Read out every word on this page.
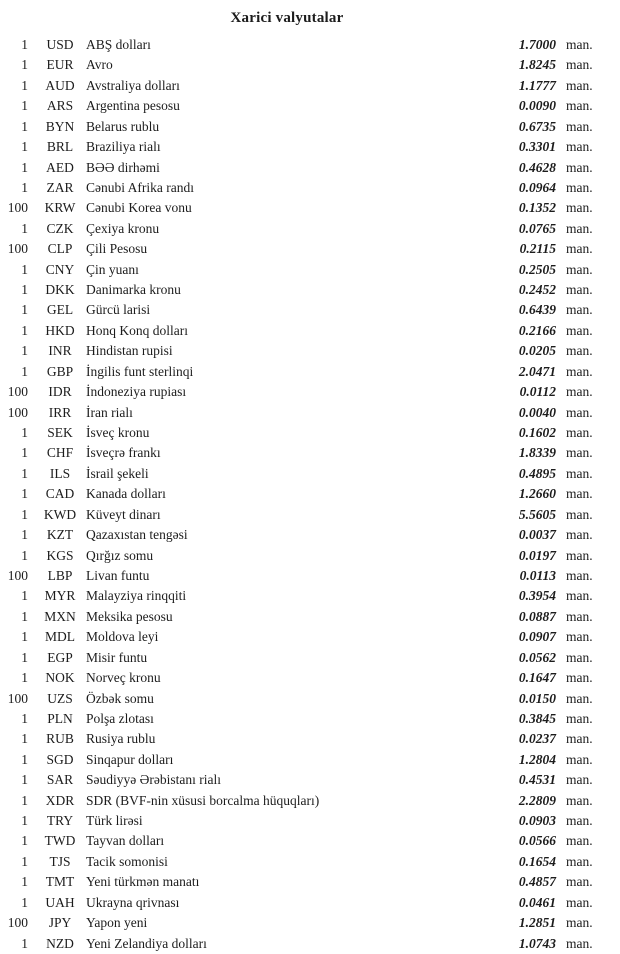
Xarici valyutalar
1	USD ABŞ dolları	1.7000 man.
1	EUR Avro	1.8245 man.
1	AUD Avstraliya dolları	1.1777 man.
1	ARS Argentina pesosu	0.0090 man.
1	BYN Belarus rublu	0.6735 man.
1	BRL Braziliya rialı	0.3301 man.
1	AED BƏƏ dirhəmi	0.4628 man.
1	ZAR Cənubi Afrika randı	0.0964 man.
100	KRW Cənubi Korea vonu	0.1352 man.
1	CZK Çexiya kronu	0.0765 man.
100	CLP	Çili Pesosu	0.2115 man.
1	CNY Çin yuanı	0.2505 man.
1	DKK Danimarka kronu	0.2452 man.
1	GEL Gürcü larisi	0.6439 man.
1	HKD Honq Konq dolları	0.2166 man.
1	INR	Hindistan rupisi	0.0205 man.
1	GBP İngilis funt sterlinqi	2.0471 man.
100	IDR	İndoneziya rupiası	0.0112 man.
100	IRR	İran rialı	0.0040 man.
1	SEK İsveç kronu	0.1602 man.
1	CHF İsveçrə frankı	1.8339 man.
1	ILS	İsrail şekeli	0.4895 man.
1	CAD Kanada dolları	1.2660 man.
1	KWD Küveyt dinarı	5.5605 man.
1	KZT Qazaxıstan tengəsi	0.0037 man.
1	KGS Qırğız somu	0.0197 man.
100	LBP	Livan funtu	0.0113 man.
1	MYR Malayziya rinqqiti	0.3954 man.
1	MXN Meksika pesosu	0.0887 man.
1	MDL Moldova leyi	0.0907 man.
1	EGP Misir funtu	0.0562 man.
1	NOK Norveç kronu	0.1647 man.
100	UZS Özbək somu	0.0150 man.
1	PLN Polşa zlotası	0.3845 man.
1	RUB Rusiya rublu	0.0237 man.
1	SGD Sinqapur dolları	1.2804 man.
1	SAR Səudiyyə Ərəbistanı rialı	0.4531 man.
1	XDR SDR (BVF-nin xüsusi borcalma hüquqları)	2.2809 man.
1	TRY Türk lirəsi	0.0903 man.
1	TWD Tayvan dolları	0.0566 man.
1	TJS	Tacik somonisi	0.1654 man.
1	TMT Yeni türkmən manatı	0.4857 man.
1	UAH Ukrayna qrivnası	0.0461 man.
100	JPY	Yapon yeni	1.2851 man.
1	NZD Yeni Zelandiya dolları	1.0743 man.
